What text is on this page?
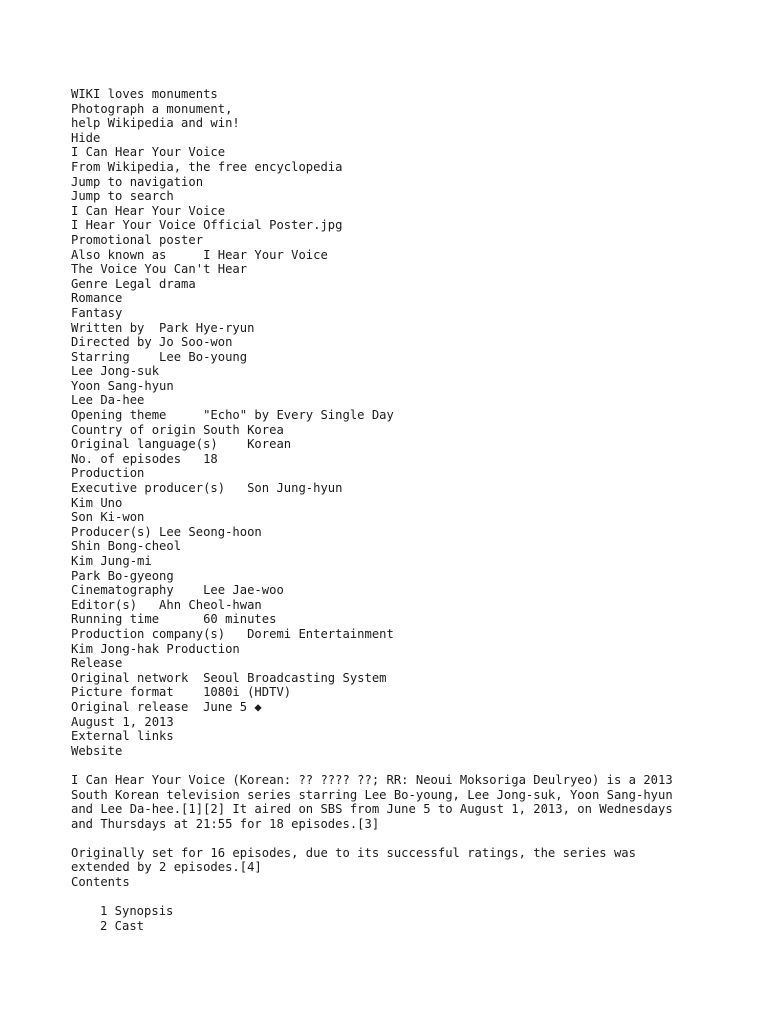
WIKI loves monuments
Photograph a monument,
help Wikipedia and win!
Hide
I Can Hear Your Voice
From Wikipedia, the free encyclopedia
Jump to navigation
Jump to search
I Can Hear Your Voice
I Hear Your Voice Official Poster.jpg
Promotional poster
Also known as     I Hear Your Voice
The Voice You Can't Hear
Genre Legal drama
Romance
Fantasy
Written by  Park Hye-ryun
Directed by Jo Soo-won
Starring    Lee Bo-young
Lee Jong-suk
Yoon Sang-hyun
Lee Da-hee
Opening theme     "Echo" by Every Single Day
Country of origin South Korea
Original language(s)    Korean
No. of episodes   18
Production
Executive producer(s)   Son Jung-hyun
Kim Uno
Son Ki-won
Producer(s) Lee Seong-hoon
Shin Bong-cheol
Kim Jung-mi
Park Bo-gyeong
Cinematography    Lee Jae-woo
Editor(s)   Ahn Cheol-hwan
Running time      60 minutes
Production company(s)   Doremi Entertainment
Kim Jong-hak Production
Release
Original network  Seoul Broadcasting System
Picture format    1080i (HDTV)
Original release  June 5 ◆
August 1, 2013
External links
Website
I Can Hear Your Voice (Korean: ?? ???? ??; RR: Neoui Moksoriga Deulryeo) is a 2013
South Korean television series starring Lee Bo-young, Lee Jong-suk, Yoon Sang-hyun
and Lee Da-hee.[1][2] It aired on SBS from June 5 to August 1, 2013, on Wednesdays
and Thursdays at 21:55 for 18 episodes.[3]
Originally set for 16 episodes, due to its successful ratings, the series was
extended by 2 episodes.[4]
Contents
1 Synopsis
2 Cast
